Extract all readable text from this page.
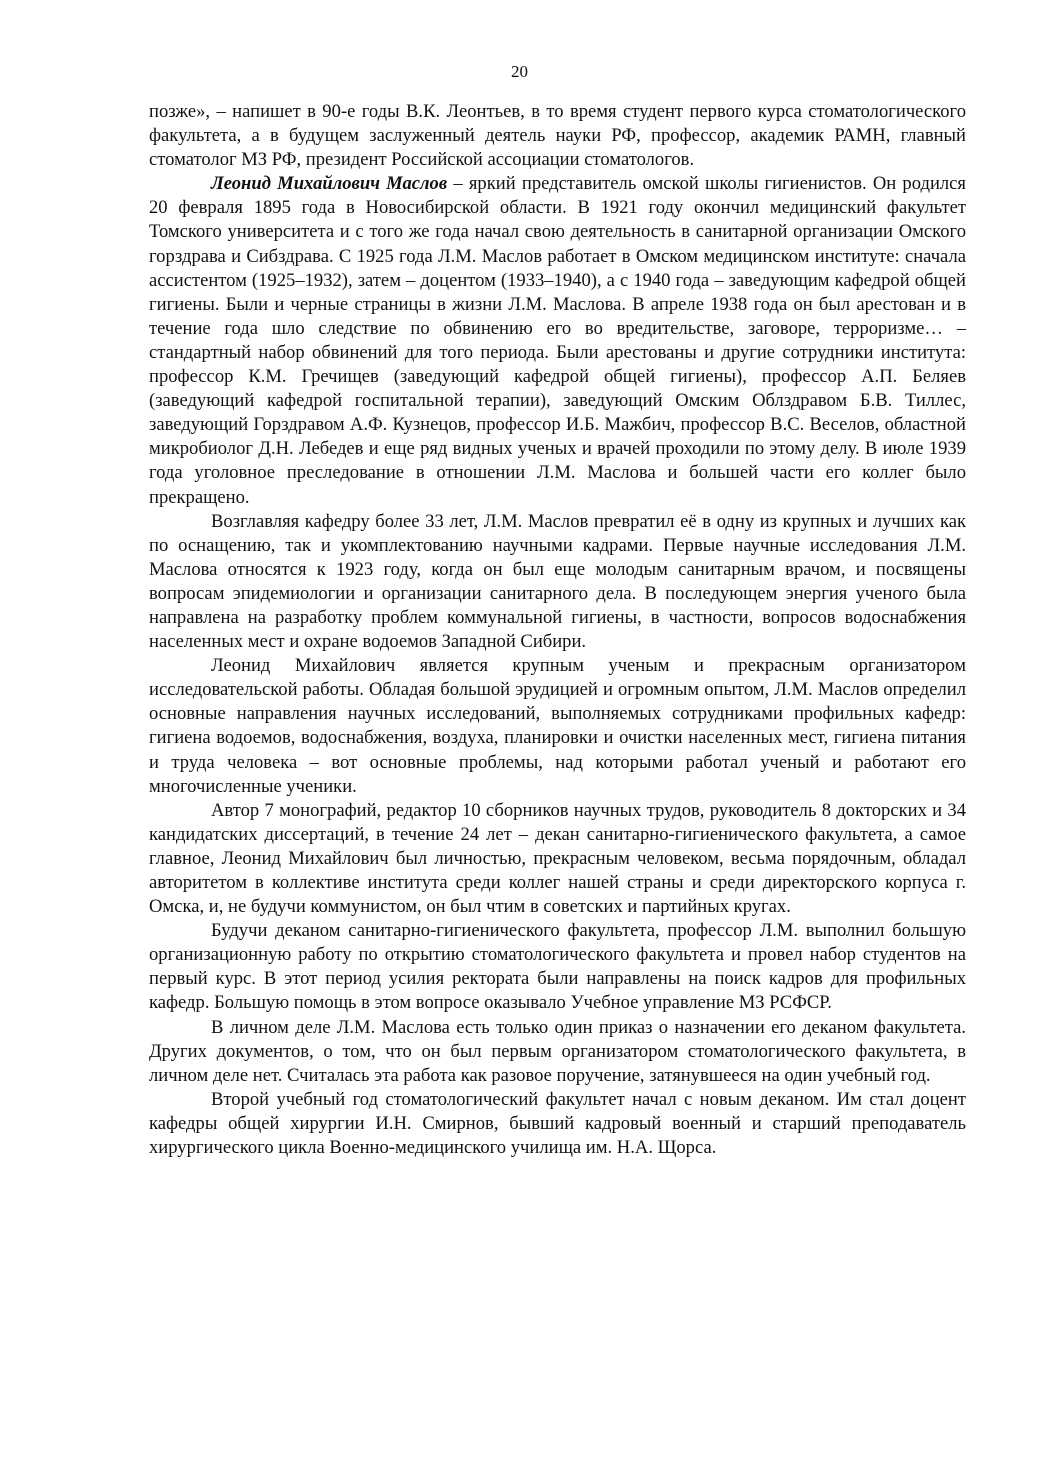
20

позже», – напишет в 90-е годы В.К. Леонтьев, в то время студент первого курса стоматологического факультета, а в будущем заслуженный деятель науки РФ, профессор, академик РАМН, главный стоматолог МЗ РФ, президент Российской ассоциации стоматологов.

Леонид Михайлович Маслов – яркий представитель омской школы гигиенистов. Он родился 20 февраля 1895 года в Новосибирской области. В 1921 году окончил медицинский факультет Томского университета и с того же года начал свою деятельность в санитарной организации Омского горздрава и Сибздрава. С 1925 года Л.М. Маслов работает в Омском медицинском институте: сначала ассистентом (1925–1932), затем – доцентом (1933–1940), а с 1940 года – заведующим кафедрой общей гигиены. Были и черные страницы в жизни Л.М. Маслова. В апреле 1938 года он был арестован и в течение года шло следствие по обвинению его во вредительстве, заговоре, терроризме… – стандартный набор обвинений для того периода. Были арестованы и другие сотрудники института: профессор К.М. Гречищев (заведующий кафедрой общей гигиены), профессор А.П. Беляев (заведующий кафедрой госпитальной терапии), заведующий Омским Облздравом Б.В. Тиллес, заведующий Горздравом А.Ф. Кузнецов, профессор И.Б. Мажбич, профессор В.С. Веселов, областной микробиолог Д.Н. Лебедев и еще ряд видных ученых и врачей проходили по этому делу. В июле 1939 года уголовное преследование в отношении Л.М. Маслова и большей части его коллег было прекращено.

Возглавляя кафедру более 33 лет, Л.М. Маслов превратил её в одну из крупных и лучших как по оснащению, так и укомплектованию научными кадрами. Первые научные исследования Л.М. Маслова относятся к 1923 году, когда он был еще молодым санитарным врачом, и посвящены вопросам эпидемиологии и организации санитарного дела. В последующем энергия ученого была направлена на разработку проблем коммунальной гигиены, в частности, вопросов водоснабжения населенных мест и охране водоемов Западной Сибири.

Леонид Михайлович является крупным ученым и прекрасным организатором исследовательской работы. Обладая большой эрудицией и огромным опытом, Л.М. Маслов определил основные направления научных исследований, выполняемых сотрудниками профильных кафедр: гигиена водоемов, водоснабжения, воздуха, планировки и очистки населенных мест, гигиена питания и труда человека – вот основные проблемы, над которыми работал ученый и работают его многочисленные ученики.

Автор 7 монографий, редактор 10 сборников научных трудов, руководитель 8 докторских и 34 кандидатских диссертаций, в течение 24 лет – декан санитарно-гигиенического факультета, а самое главное, Леонид Михайлович был личностью, прекрасным человеком, весьма порядочным, обладал авторитетом в коллективе института среди коллег нашей страны и среди директорского корпуса г. Омска, и, не будучи коммунистом, он был чтим в советских и партийных кругах.

Будучи деканом санитарно-гигиенического факультета, профессор Л.М. выполнил большую организационную работу по открытию стоматологического факультета и провел набор студентов на первый курс. В этот период усилия ректората были направлены на поиск кадров для профильных кафедр. Большую помощь в этом вопросе оказывало Учебное управление МЗ РСФСР.

В личном деле Л.М. Маслова есть только один приказ о назначении его деканом факультета. Других документов, о том, что он был первым организатором стоматологического факультета, в личном деле нет. Считалась эта работа как разовое поручение, затянувшееся на один учебный год.

Второй учебный год стоматологический факультет начал с новым деканом. Им стал доцент кафедры общей хирургии И.Н. Смирнов, бывший кадровый военный и старший преподаватель хирургического цикла Военно-медицинского училища им. Н.А. Щорса.
